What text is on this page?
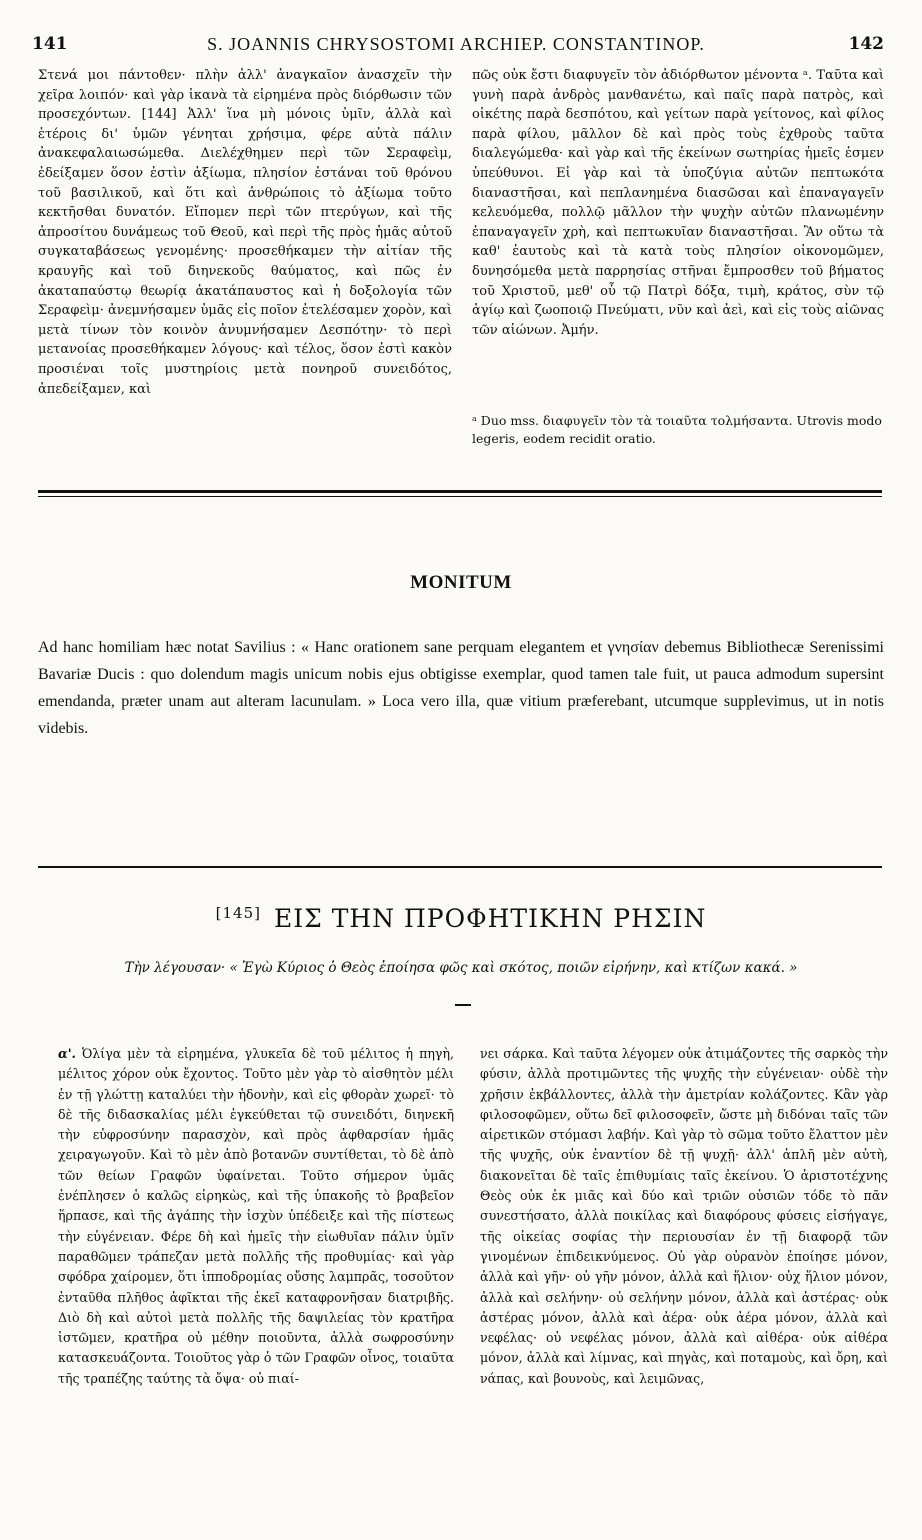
141	S. JOANNIS CHRYSOSTOMI ARCHIEP. CONSTANTINOP.	142

Στενά μοι πάντοθεν· πλὴν ἀλλ' ἀναγκαῖον ἀνασχεῖν τὴν χεῖρα λοιπόν· καὶ γὰρ ἱκανὰ τὰ εἰρημένα πρὸς διόρθωσιν τῶν προσεχόντων. [144] Ἀλλ' ἵνα μὴ μόνοις ὑμῖν, ἀλλὰ καὶ ἑτέροις δι' ὑμῶν γένηται χρήσιμα, φέρε αὐτὰ πάλιν ἀνακεφαλαιωσώμεθα. Διελέχθημεν περὶ τῶν Σεραφεὶμ, ἐδείξαμεν ὅσον ἐστὶν ἀξίωμα, πλησίον ἑστάναι τοῦ θρόνου τοῦ βασιλικοῦ, καὶ ὅτι καὶ ἀνθρώποις τὸ ἀξίωμα τοῦτο κεκτῆσθαι δυνατόν. Εἴπομεν περὶ τῶν πτερύγων, καὶ τῆς ἀπροσίτου δυνάμεως τοῦ Θεοῦ, καὶ περὶ τῆς πρὸς ἡμᾶς αὐτοῦ συγκαταβάσεως γενομένης· προσεθήκαμεν τὴν αἰτίαν τῆς κραυγῆς καὶ τοῦ διηνεκοῦς θαύματος, καὶ πῶς ἐν ἀκαταπαύστῳ θεωρίᾳ ἀκατάπαυστος καὶ ἡ δοξολογία τῶν Σεραφεὶμ· ἀνεμνήσαμεν ὑμᾶς εἰς ποῖον ἐτελέσαμεν χορὸν, καὶ μετὰ τίνων τὸν κοινὸν ἀνυμνήσαμεν Δεσπότην· τὸ περὶ μετανοίας προσεθήκαμεν λόγους· καὶ τέλος, ὅσον ἐστὶ κακὸν προσιέναι τοῖς μυστηρίοις μετὰ πονηροῦ συνειδότος, ἀπεδείξαμεν, καὶ

πῶς οὐκ ἔστι διαφυγεῖν τὸν ἀδιόρθωτον μένοντα ᵃ. Ταῦτα καὶ γυνὴ παρὰ ἀνδρὸς μανθανέτω, καὶ παῖς παρὰ πατρὸς, καὶ οἰκέτης παρὰ δεσπότου, καὶ γείτων παρὰ γείτονος, καὶ φίλος παρὰ φίλου, μᾶλλον δὲ καὶ πρὸς τοὺς ἐχθροὺς ταῦτα διαλεγώμεθα· καὶ γὰρ καὶ τῆς ἐκείνων σωτηρίας ἡμεῖς ἐσμεν ὑπεύθυνοι. Εἰ γὰρ καὶ τὰ ὑποζύγια αὐτῶν πεπτωκότα διαναστῆσαι, καὶ πεπλανημένα διασῶσαι καὶ ἐπαναγαγεῖν κελευόμεθα, πολλῷ μᾶλλον τὴν ψυχὴν αὐτῶν πλανωμένην ἐπαναγαγεῖν χρὴ, καὶ πεπτωκυῖαν διαναστῆσαι. Ἂν οὕτω τὰ καθ' ἑαυτοὺς καὶ τὰ κατὰ τοὺς πλησίον οἰκονομῶμεν, δυνησόμεθα μετὰ παρρησίας στῆναι ἔμπροσθεν τοῦ βήματος τοῦ Χριστοῦ, μεθ' οὗ τῷ Πατρὶ δόξα, τιμὴ, κράτος, σὺν τῷ ἁγίῳ καὶ ζωοποιῷ Πνεύματι, νῦν καὶ ἀεὶ, καὶ εἰς τοὺς αἰῶνας τῶν αἰώνων. Ἀμήν.

ᵃ Duo mss. διαφυγεῖν τὸν τὰ τοιαῦτα τολμήσαντα. Utrovis modo legeris, eodem recidit oratio.
MONITUM
Ad hanc homiliam hæc notat Savilius : « Hanc orationem sane perquam elegantem et γνησίαν debemus Bibliothecæ Serenissimi Bavariæ Ducis : quo dolendum magis unicum nobis ejus obtigisse exemplar, quod tamen tale fuit, ut pauca admodum supersint emendanda, præter unam aut alteram lacunulam. » Loca vero illa, quæ vitium præferebant, utcumque supplevimus, ut in notis videbis.
[145] ΕΙΣ ΤΗΝ ΠΡΟΦΗΤΙΚΗΝ ΡΗΣΙΝ
Τὴν λέγουσαν· « Ἐγὼ Κύριος ὁ Θεὸς ἐποίησα φῶς καὶ σκότος, ποιῶν εἰρήνην, καὶ κτίζων κακά. »

α'. Ὀλίγα μὲν τὰ εἰρημένα, γλυκεῖα δὲ τοῦ μέλιτος ἡ πηγὴ, μέλιτος χόρον οὐκ ἔχοντος. Τοῦτο μὲν γὰρ τὸ αἰσθητὸν μέλι ἐν τῇ γλώττῃ καταλύει τὴν ἡδονὴν, καὶ εἰς φθορὰν χωρεῖ· τὸ δὲ τῆς διδασκαλίας μέλι ἐγκεύθεται τῷ συνειδότι, διηνεκῆ τὴν εὐφροσύνην παρασχὸν, καὶ πρὸς ἀφθαρσίαν ἡμᾶς χειραγωγοῦν. Καὶ τὸ μὲν ἀπὸ βοτανῶν συντίθεται, τὸ δὲ ἀπὸ τῶν θείων Γραφῶν ὑφαίνεται. Τοῦτο σήμερον ὑμᾶς ἐνέπλησεν ὁ καλῶς εἰρηκὼς, καὶ τῆς ὑπακοῆς τὸ βραβεῖον ἥρπασε, καὶ τῆς ἀγάπης τὴν ἰσχὺν ὑπέδειξε καὶ τῆς πίστεως τὴν εὐγένειαν. Φέρε δὴ καὶ ἡμεῖς τὴν εἰωθυῖαν πάλιν ὑμῖν παραθῶμεν τράπεζαν μετὰ πολλῆς τῆς προθυμίας· καὶ γὰρ σφόδρα χαίρομεν, ὅτι ἱπποδρομίας οὔσης λαμπρᾶς, τοσοῦτον ἐνταῦθα πλῆθος ἀφῖκται τῆς ἐκεῖ καταφρονῆσαν διατριβῆς. Διὸ δὴ καὶ αὐτοὶ μετὰ πολλῆς τῆς δαψιλείας τὸν κρατῆρα ἱστῶμεν, κρατῆρα οὐ μέθην ποιοῦντα, ἀλλὰ σωφροσύνην κατασκευάζοντα. Τοιοῦτος γὰρ ὁ τῶν Γραφῶν οἶνος, τοιαῦτα τῆς τραπέζης ταύτης τὰ ὄψα· οὐ πιαί-

νει σάρκα. Καὶ ταῦτα λέγομεν οὐκ ἀτιμάζοντες τῆς σαρκὸς τὴν φύσιν, ἀλλὰ προτιμῶντες τῆς ψυχῆς τὴν εὐγένειαν· οὐδὲ τὴν χρῆσιν ἐκβάλλοντες, ἀλλὰ τὴν ἀμετρίαν κολάζοντες. Κἂν γὰρ φιλοσοφῶμεν, οὕτω δεῖ φιλοσοφεῖν, ὥστε μὴ διδόναι ταῖς τῶν αἱρετικῶν στόμασι λαβήν. Καὶ γὰρ τὸ σῶμα τοῦτο ἔλαττον μὲν τῆς ψυχῆς, οὐκ ἐναντίον δὲ τῇ ψυχῇ· ἀλλ' ἁπλῆ μὲν αὐτὴ, διακονεῖται δὲ ταῖς ἐπιθυμίαις ταῖς ἐκείνου. Ὁ ἀριστοτέχνης Θεὸς οὐκ ἐκ μιᾶς καὶ δύο καὶ τριῶν οὐσιῶν τόδε τὸ πᾶν συνεστήσατο, ἀλλὰ ποικίλας καὶ διαφόρους φύσεις εἰσήγαγε, τῆς οἰκείας σοφίας τὴν περιουσίαν ἐν τῇ διαφορᾷ τῶν γινομένων ἐπιδεικνύμενος. Οὐ γὰρ οὐρανὸν ἐποίησε μόνον, ἀλλὰ καὶ γῆν· οὐ γῆν μόνον, ἀλλὰ καὶ ἥλιον· οὐχ ἥλιον μόνον, ἀλλὰ καὶ σελήνην· οὐ σελήνην μόνον, ἀλλὰ καὶ ἀστέρας· οὐκ ἀστέρας μόνον, ἀλλὰ καὶ ἀέρα· οὐκ ἀέρα μόνον, ἀλλὰ καὶ νεφέλας· οὐ νεφέλας μόνον, ἀλλὰ καὶ αἰθέρα· οὐκ αἰθέρα μόνον, ἀλλὰ καὶ λίμνας, καὶ πηγὰς, καὶ ποταμοὺς, καὶ ὄρη, καὶ νάπας, καὶ βουνοὺς, καὶ λειμῶνας,
